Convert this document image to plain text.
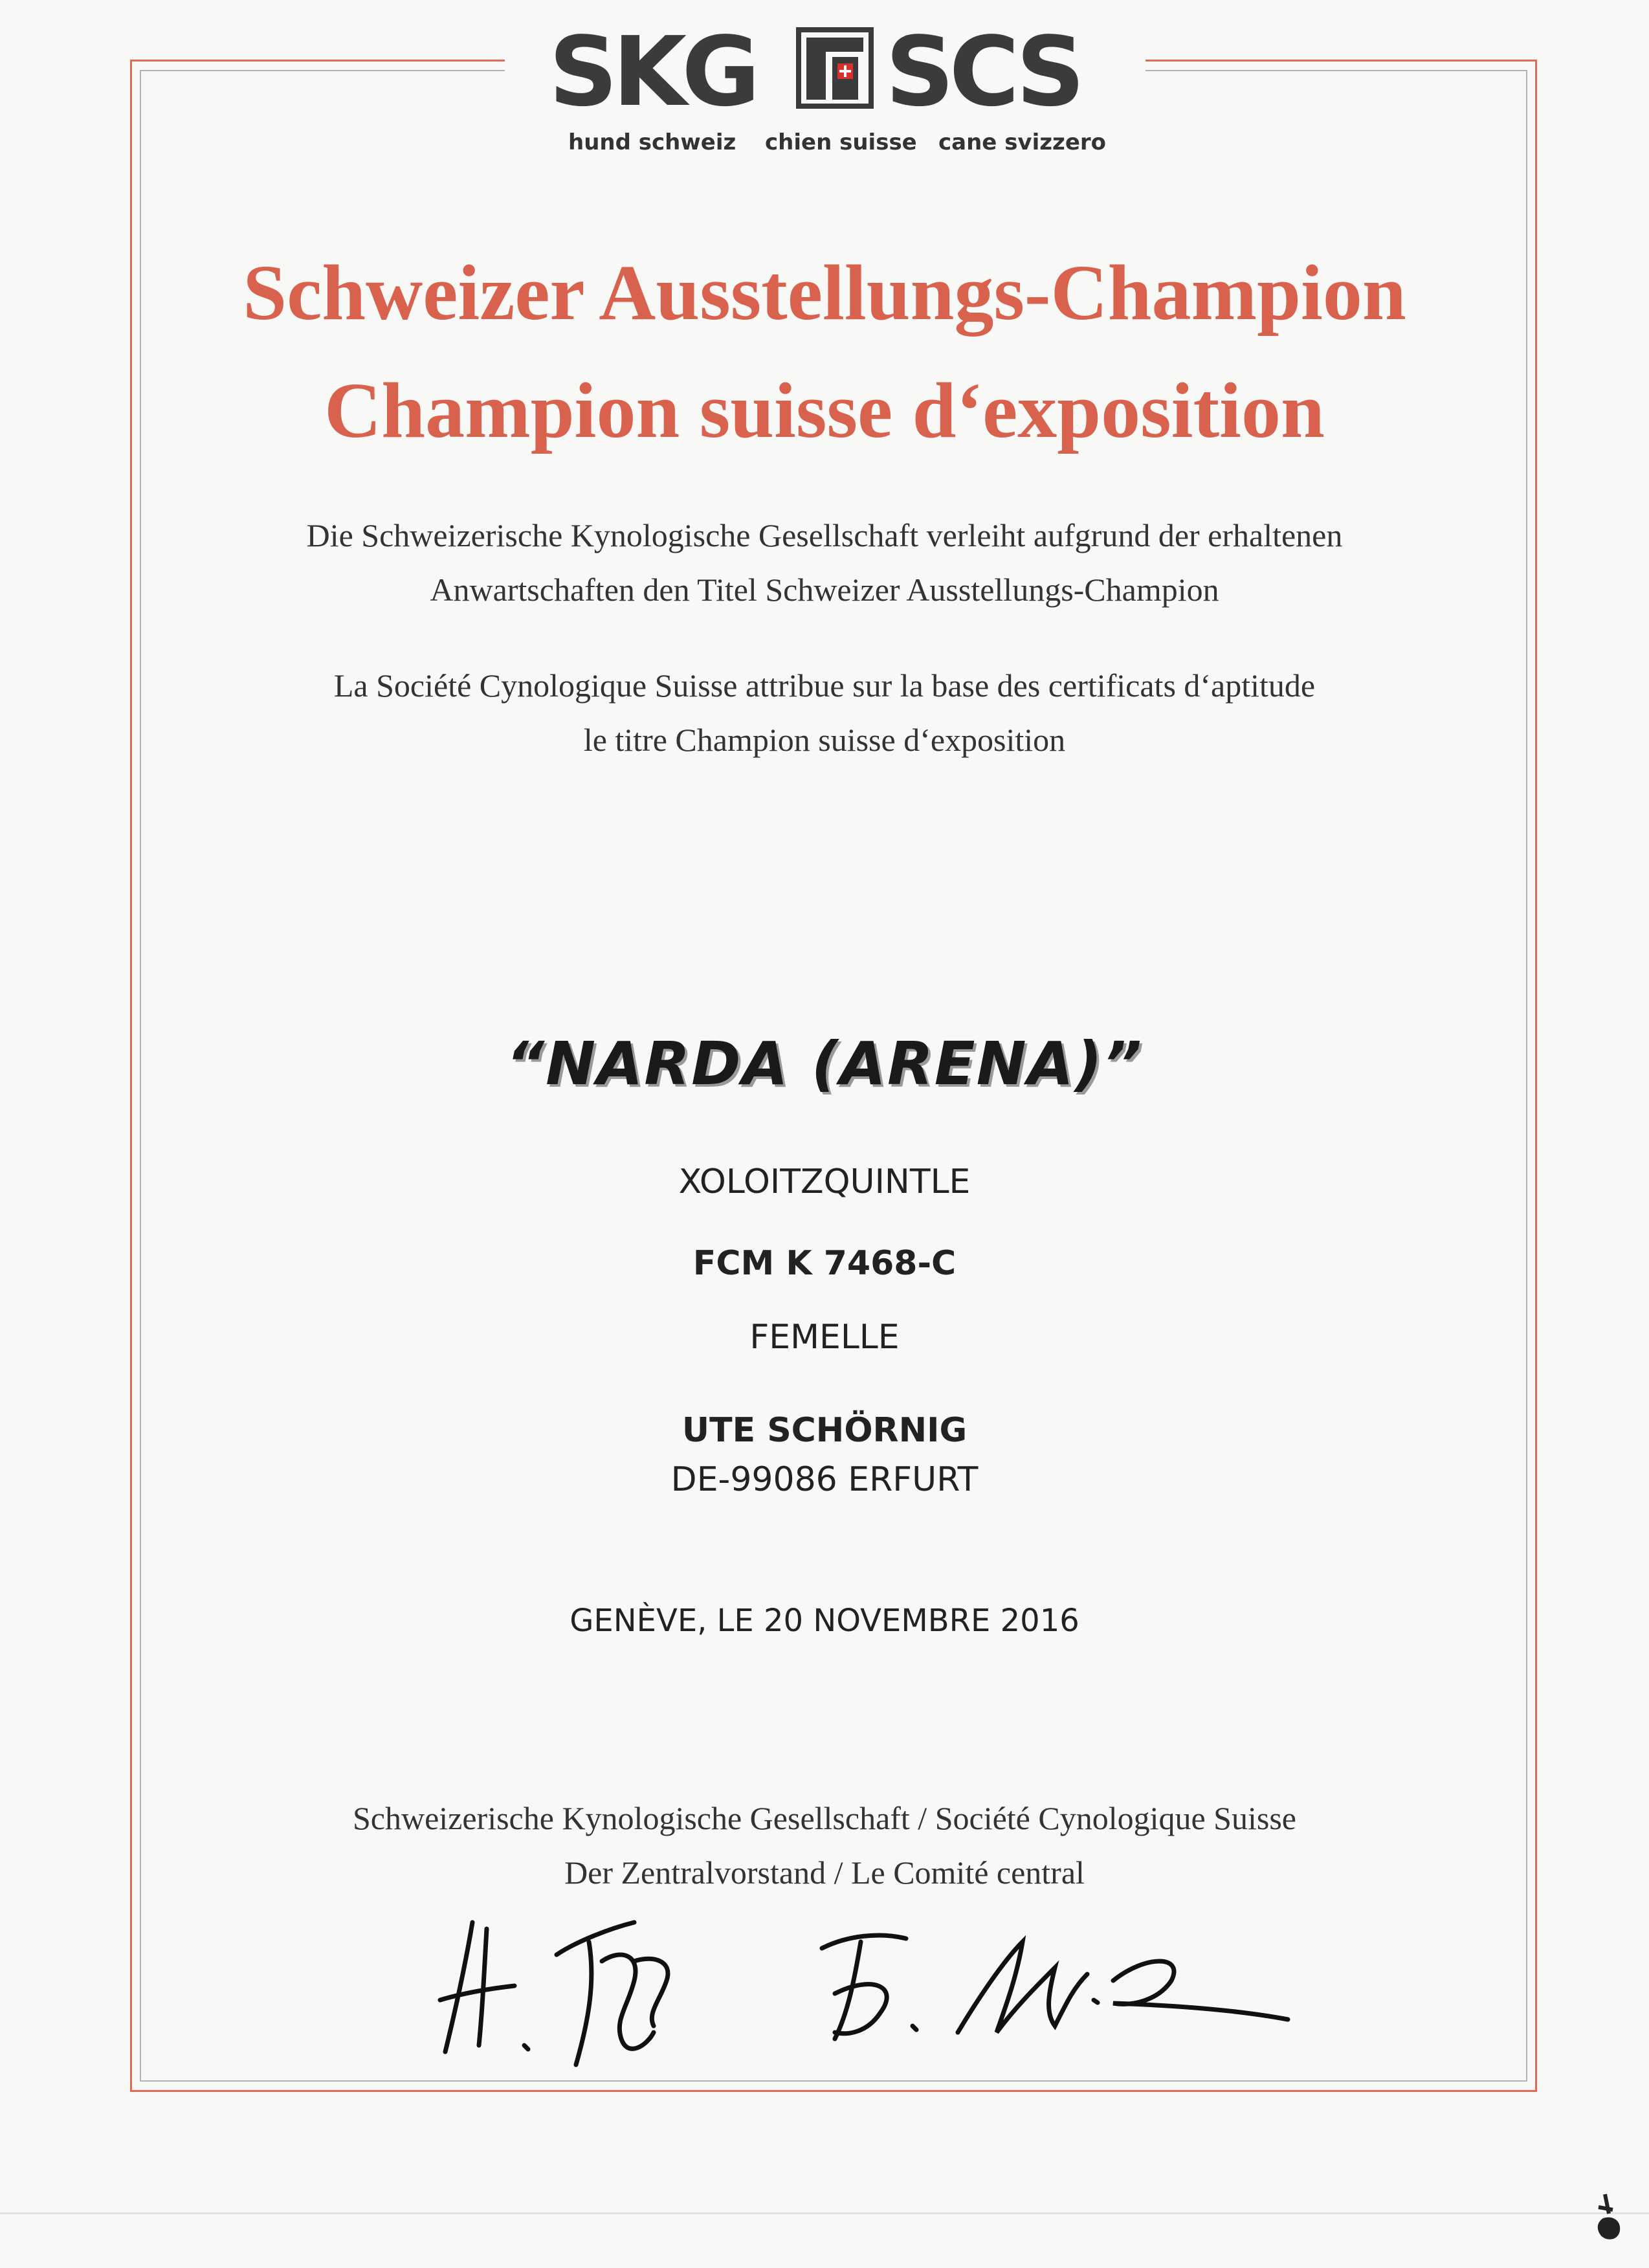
SKG SCS
hund schweiz chien suisse cane svizzero
Schweizer Ausstellungs-Champion
Champion suisse d‘exposition
Die Schweizerische Kynologische Gesellschaft verleiht aufgrund der erhaltenen
Anwartschaften den Titel Schweizer Ausstellungs-Champion
La Société Cynologique Suisse attribue sur la base des certificats d‘aptitude
le titre Champion suisse d‘exposition
“NARDA (ARENA)”
XOLOITZQUINTLE
FCM K 7468-C
FEMELLE
UTE SCHÖRNIG
DE-99086 ERFURT
GENÈVE, LE 20 NOVEMBRE 2016
Schweizerische Kynologische Gesellschaft / Société Cynologique Suisse
Der Zentralvorstand / Le Comité central
